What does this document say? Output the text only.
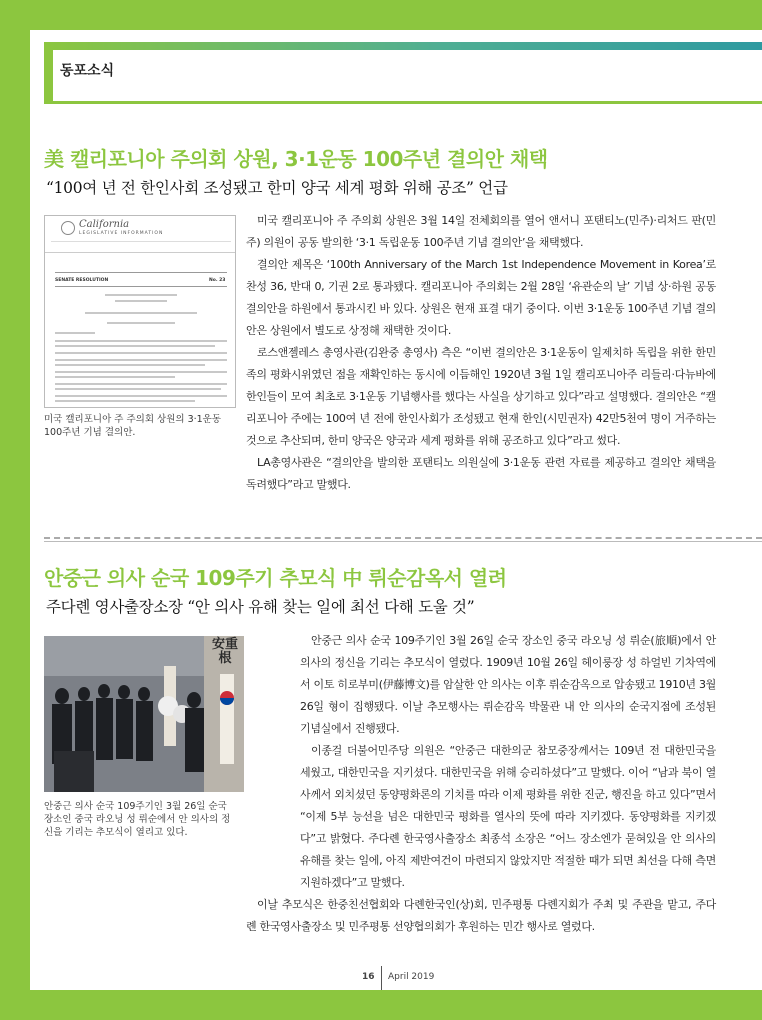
동포소식
美 캘리포니아 주의회 상원, 3·1운동 100주년 결의안 채택
“100여 년 전 한인사회 조성됐고 한미 양국 세계 평화 위해 공조” 언급
California
LEGISLATIVE INFORMATION
SENATE RESOLUTION	No. 23
미국 캘리포니아 주 주의회 상원의 3·1운동 100주년 기념 결의안.

미국 캘리포니아 주 주의회 상원은 3월 14일 전체회의를 열어 앤서니 포탠티노(민주)·리처드 판(민주) 의원이 공동 발의한 ‘3·1 독립운동 100주년 기념 결의안’을 채택했다.

결의안 제목은 ‘100th Anniversary of the March 1st Independence Movement in Korea’로 찬성 36, 반대 0, 기권 2로 통과됐다. 캘리포니아 주의회는 2월 28일 ‘유관순의 날’ 기념 상·하원 공동결의안을 하원에서 통과시킨 바 있다. 상원은 현재 표결 대기 중이다. 이번 3·1운동 100주년 기념 결의안은 상원에서 별도로 상정해 채택한 것이다.

로스앤젤레스 총영사관(김완중 총영사) 측은 “이번 결의안은 3·1운동이 일제치하 독립을 위한 한민족의 평화시위였던 점을 재확인하는 동시에 이듬해인 1920년 3월 1일 캘리포니아주 리들리·다뉴바에 한인들이 모여 최초로 3·1운동 기념행사를 했다는 사실을 상기하고 있다”라고 설명했다. 결의안은 “캘리포니아 주에는 100여 년 전에 한인사회가 조성됐고 현재 한인(시민권자) 42만5천여 명이 거주하는 것으로 추산되며, 한미 양국은 양국과 세계 평화를 위해 공조하고 있다”라고 썼다.

LA총영사관은 “결의안을 발의한 포탠티노 의원실에 3·1운동 관련 자료를 제공하고 결의안 채택을 독려했다”라고 말했다.

안중근 의사 순국 109주기 추모식 中 뤼순감옥서 열려
주다롄 영사출장소장 “안 의사 유해 찾는 일에 최선 다해 도울 것”
安重根
안중근 의사 순국 109주기인 3월 26일 순국 장소인 중국 라오닝 성 뤼순에서 안 의사의 정신을 기리는 추모식이 열리고 있다.

안중근 의사 순국 109주기인 3월 26일 순국 장소인 중국 라오닝 성 뤼순(旅順)에서 안 의사의 정신을 기리는 추모식이 열렸다. 1909년 10월 26일 헤이룽장 성 하얼빈 기차역에서 이토 히로부미(伊藤博文)를 암살한 안 의사는 이후 뤼순감옥으로 압송됐고 1910년 3월 26일 형이 집행됐다. 이날 추모행사는 뤼순감옥 박물관 내 안 의사의 순국지점에 조성된 기념실에서 진행됐다.

이종걸 더불어민주당 의원은 “안중근 대한의군 참모중장께서는 109년 전 대한민국을 세웠고, 대한민국을 지키셨다. 대한민국을 위해 승리하셨다”고 말했다. 이어 “남과 북이 열사께서 외치셨던 동양평화론의 기치를 따라 이제 평화를 위한 진군, 행진을 하고 있다”면서 “이제 5부 능선을 넘은 대한민국 평화를 열사의 뜻에 따라 지키겠다. 동양평화를 지키겠다”고 밝혔다. 주다롄 한국영사출장소 최종석 소장은 “어느 장소엔가 묻혀있을 안 의사의 유해를 찾는 일에, 아직 제반여건이 마련되지 않았지만 적절한 때가 되면 최선을 다해 측면지원하겠다”고 말했다.

이날 추모식은 한중친선협회와 다롄한국인(상)회, 민주평통 다롄지회가 주최 및 주관을 맡고, 주다롄 한국영사출장소 및 민주평통 선양협의회가 후원하는 민간 행사로 열렸다.

16 April 2019
